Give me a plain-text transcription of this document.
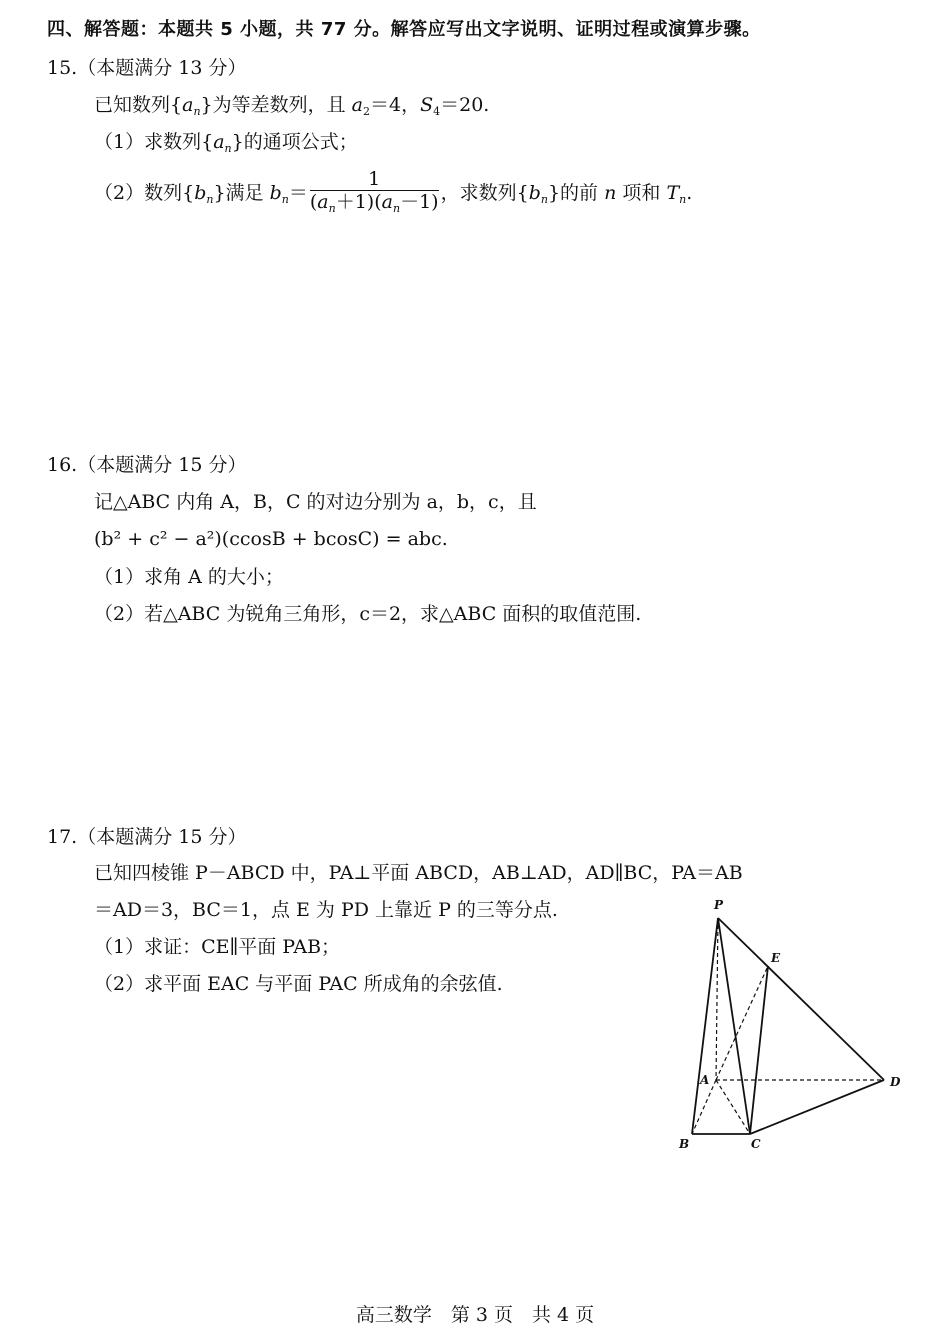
四、解答题：本题共 5 小题，共 77 分。解答应写出文字说明、证明过程或演算步骤。
15.（本题满分 13 分）
已知数列$\{a_n\}$为等差数列，且 $a_2=4$，$S_4=20$.
（1）求数列$\{a_n\}$的通项公式；
（2）数列$\{b_n\}$满足 $b_n= \frac{1}{(a_n+1)(a_n-1)}$ ，求数列$\{b_n\}$的前 n 项和 $T_n$.
16.（本题满分 15 分）
记△ABC 内角 A，B，C 的对边分别为 a，b，c，且
(b² + c² − a²)(ccosB + bcosC) = abc.
（1）求角 A 的大小；
（2）若△ABC 为锐角三角形，c＝2，求△ABC 面积的取值范围.
17.（本题满分 15 分）
已知四棱锥 P－ABCD 中，PA⊥平面 ABCD，AB⊥AD，AD∥BC，PA＝AB
＝AD＝3，BC＝1，点 E 为 PD 上靠近 P 的三等分点.
（1）求证：CE∥平面 PAB；
（2）求平面 EAC 与平面 PAC 所成角的余弦值.
P
E
A	D
B	C
高三数学　第 3 页　共 4 页
